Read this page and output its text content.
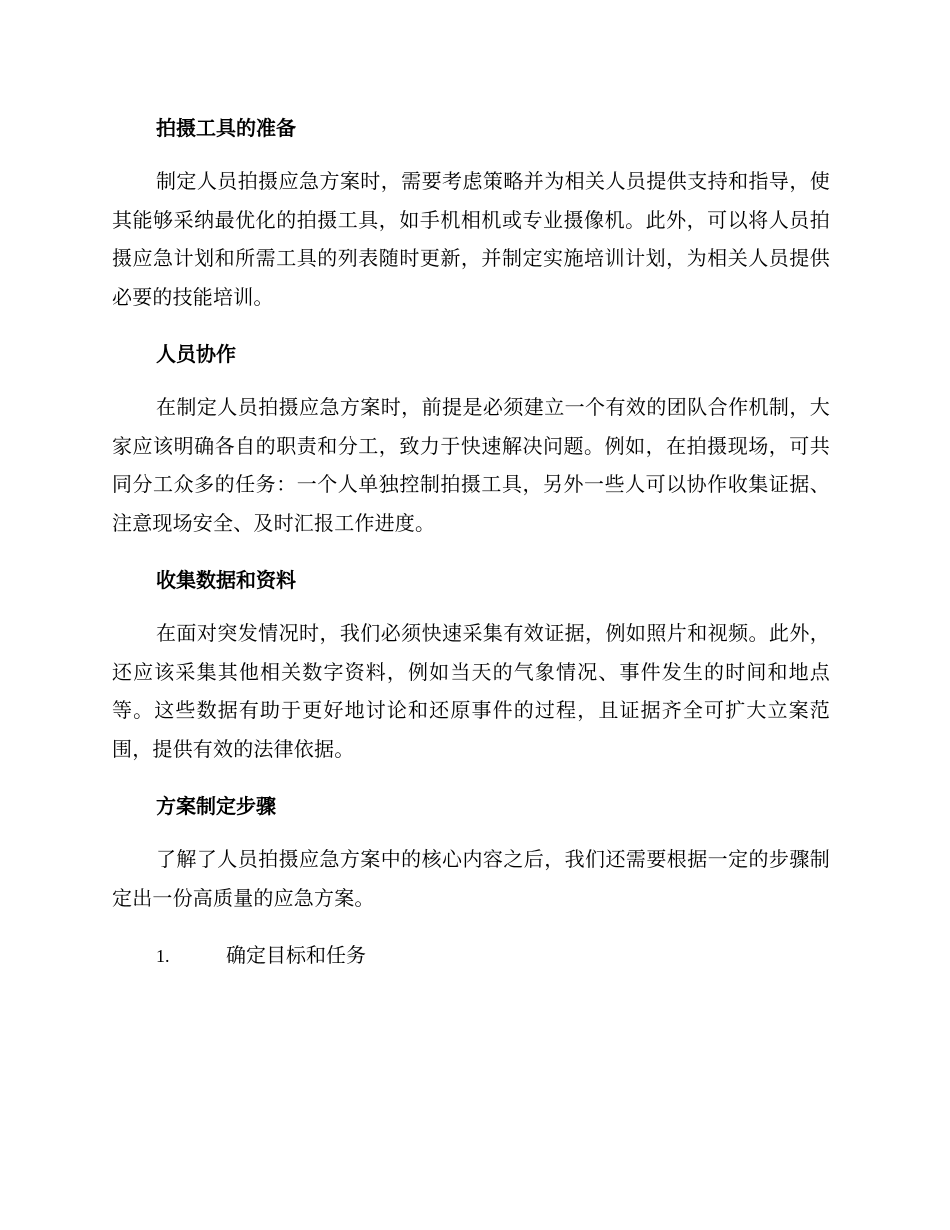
拍摄工具的准备

制定人员拍摄应急方案时，需要考虑策略并为相关人员提供支持和指导，使其能够采纳最优化的拍摄工具，如手机相机或专业摄像机。此外，可以将人员拍摄应急计划和所需工具的列表随时更新，并制定实施培训计划，为相关人员提供必要的技能培训。

人员协作

在制定人员拍摄应急方案时，前提是必须建立一个有效的团队合作机制，大家应该明确各自的职责和分工，致力于快速解决问题。例如，在拍摄现场，可共同分工众多的任务：一个人单独控制拍摄工具，另外一些人可以协作收集证据、注意现场安全、及时汇报工作进度。

收集数据和资料

在面对突发情况时，我们必须快速采集有效证据，例如照片和视频。此外，还应该采集其他相关数字资料，例如当天的气象情况、事件发生的时间和地点等。这些数据有助于更好地讨论和还原事件的过程，且证据齐全可扩大立案范围，提供有效的法律依据。

方案制定步骤

了解了人员拍摄应急方案中的核心内容之后，我们还需要根据一定的步骤制定出一份高质量的应急方案。

1.	确定目标和任务
